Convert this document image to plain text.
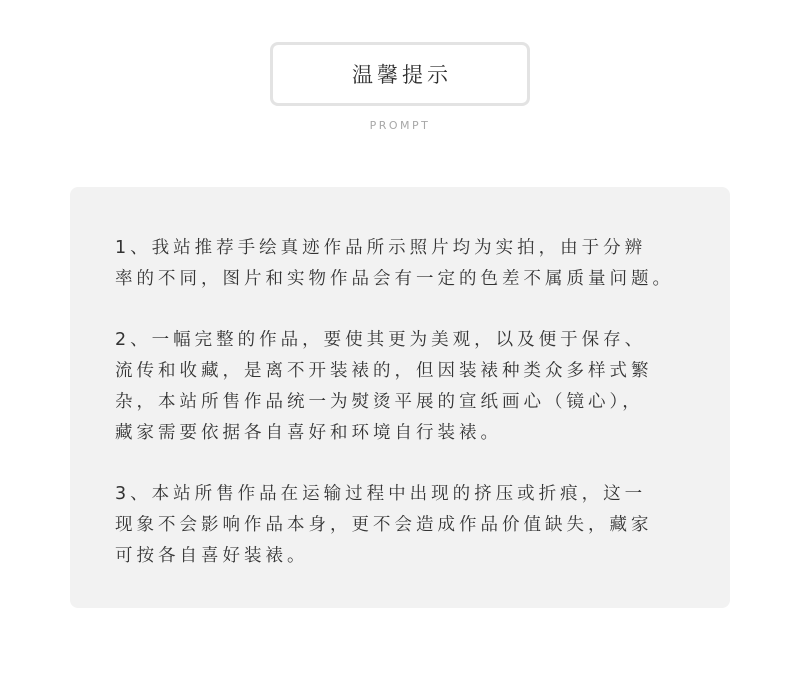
温馨提示
PROMPT

1、我站推荐手绘真迹作品所示照片均为实拍，由于分辨
率的不同，图片和实物作品会有一定的色差不属质量问题。

2、一幅完整的作品，要使其更为美观，以及便于保存、
流传和收藏，是离不开装裱的，但因装裱种类众多样式繁
杂，本站所售作品统一为熨烫平展的宣纸画心（镜心），
藏家需要依据各自喜好和环境自行装裱。

3、本站所售作品在运输过程中出现的挤压或折痕，这一
现象不会影响作品本身，更不会造成作品价值缺失，藏家
可按各自喜好装裱。
